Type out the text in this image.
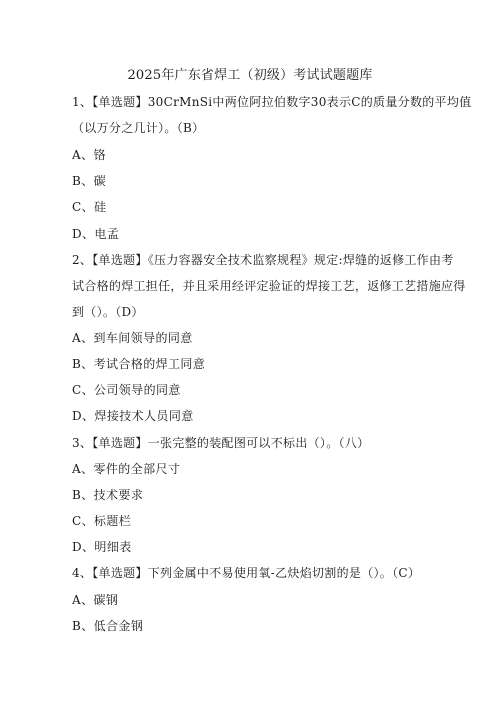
2025年广东省焊工（初级）考试试题题库
1、【单选题】30CrMnSi中两位阿拉伯数字30表示C的质量分数的平均值
（以万分之几计）。（B）
A、铬
B、碳
C、硅
D、电孟
2、【单选题】《压力容器安全技术监察规程》规定:焊缝的返修工作由考
试合格的焊工担任，并且采用经评定验证的焊接工艺，返修工艺措施应得
到（）。（D）
A、到车间领导的同意
B、考试合格的焊工同意
C、公司领导的同意
D、焊接技术人员同意
3、【单选题】一张完整的装配图可以不标出（）。（八）
A、零件的全部尺寸
B、技术要求
C、标题栏
D、明细表
4、【单选题】下列金属中不易使用氧-乙炔焰切割的是（）。（C）
A、碳钢
B、低合金钢
